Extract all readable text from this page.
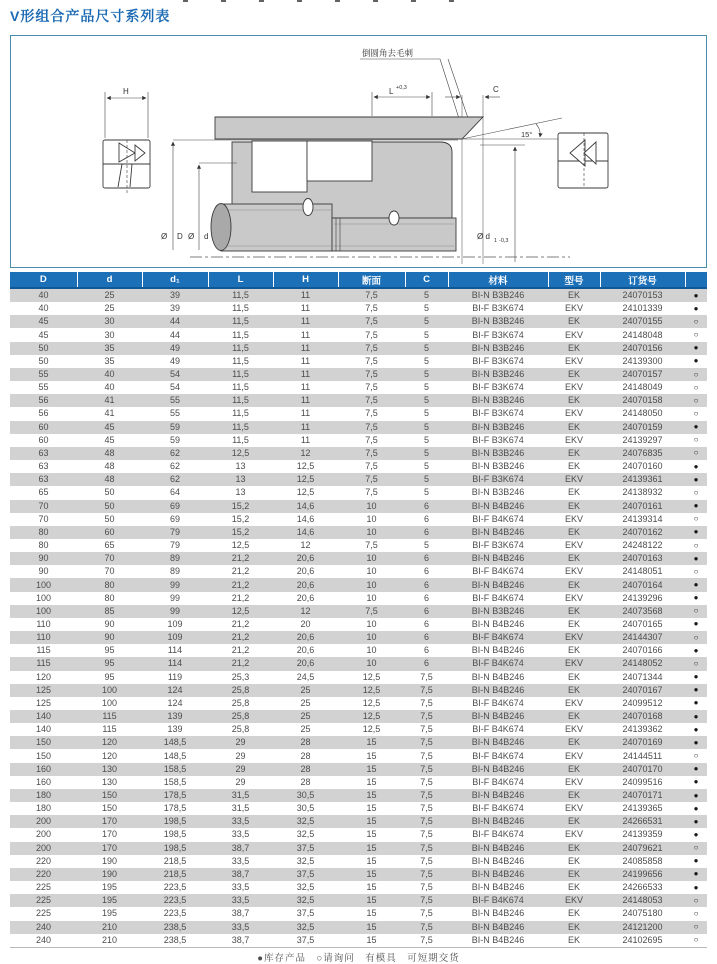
V形组合产品尺寸系列表
H
倒圆角去毛刺
L +0,3	C
15°
Ø D Ø d	Ø d 1 -0,3
D	d	d₁	L	H	断面	C	材料	型号	订货号	
40	25	39	11,5	11	7,5	5	BI-N B3B246	EK	24070153	●
40	25	39	11,5	11	7,5	5	BI-F B3K674	EKV	24101339	●
45	30	44	11,5	11	7,5	5	BI-N B3B246	EK	24070155	○
45	30	44	11,5	11	7,5	5	BI-F B3K674	EKV	24148048	○
50	35	49	11,5	11	7,5	5	BI-N B3B246	EK	24070156	●
50	35	49	11,5	11	7,5	5	BI-F B3K674	EKV	24139300	●
55	40	54	11,5	11	7,5	5	BI-N B3B246	EK	24070157	○
55	40	54	11,5	11	7,5	5	BI-F B3K674	EKV	24148049	○
56	41	55	11,5	11	7,5	5	BI-N B3B246	EK	24070158	○
56	41	55	11,5	11	7,5	5	BI-F B3K674	EKV	24148050	○
60	45	59	11,5	11	7,5	5	BI-N B3B246	EK	24070159	●
60	45	59	11,5	11	7,5	5	BI-F B3K674	EKV	24139297	○
63	48	62	12,5	12	7,5	5	BI-N B3B246	EK	24076835	○
63	48	62	13	12,5	7,5	5	BI-N B3B246	EK	24070160	●
63	48	62	13	12,5	7,5	5	BI-F B3K674	EKV	24139361	●
65	50	64	13	12,5	7,5	5	BI-N B3B246	EK	24138932	○
70	50	69	15,2	14,6	10	6	BI-N B4B246	EK	24070161	●
70	50	69	15,2	14,6	10	6	BI-F B4K674	EKV	24139314	○
80	60	79	15,2	14,6	10	6	BI-N B4B246	EK	24070162	●
80	65	79	12,5	12	7,5	5	BI-F B3K674	EKV	24248122	○
90	70	89	21,2	20,6	10	6	BI-N B4B246	EK	24070163	●
90	70	89	21,2	20,6	10	6	BI-F B4K674	EKV	24148051	○
100	80	99	21,2	20,6	10	6	BI-N B4B246	EK	24070164	●
100	80	99	21,2	20,6	10	6	BI-F B4K674	EKV	24139296	●
100	85	99	12,5	12	7,5	6	BI-N B3B246	EK	24073568	○
110	90	109	21,2	20	10	6	BI-N B4B246	EK	24070165	●
110	90	109	21,2	20,6	10	6	BI-F B4K674	EKV	24144307	○
115	95	114	21,2	20,6	10	6	BI-N B4B246	EK	24070166	●
115	95	114	21,2	20,6	10	6	BI-F B4K674	EKV	24148052	○
120	95	119	25,3	24,5	12,5	7,5	BI-N B4B246	EK	24071344	●
125	100	124	25,8	25	12,5	7,5	BI-N B4B246	EK	24070167	●
125	100	124	25,8	25	12,5	7,5	BI-F B4K674	EKV	24099512	●
140	115	139	25,8	25	12,5	7,5	BI-N B4B246	EK	24070168	●
140	115	139	25,8	25	12,5	7,5	BI-F B4K674	EKV	24139362	●
150	120	148,5	29	28	15	7,5	BI-N B4B246	EK	24070169	●
150	120	148,5	29	28	15	7,5	BI-F B4K674	EKV	24144511	○
160	130	158,5	29	28	15	7,5	BI-N B4B246	EK	24070170	●
160	130	158,5	29	28	15	7,5	BI-F B4K674	EKV	24099516	●
180	150	178,5	31,5	30,5	15	7,5	BI-N B4B246	EK	24070171	●
180	150	178,5	31,5	30,5	15	7,5	BI-F B4K674	EKV	24139365	●
200	170	198,5	33,5	32,5	15	7,5	BI-N B4B246	EK	24266531	●
200	170	198,5	33,5	32,5	15	7,5	BI-F B4K674	EKV	24139359	●
200	170	198,5	38,7	37,5	15	7,5	BI-N B4B246	EK	24079621	○
220	190	218,5	33,5	32,5	15	7,5	BI-N B4B246	EK	24085858	●
220	190	218,5	38,7	37,5	15	7,5	BI-N B4B246	EK	24199656	●
225	195	223,5	33,5	32,5	15	7,5	BI-N B4B246	EK	24266533	●
225	195	223,5	33,5	32,5	15	7,5	BI-F B4K674	EKV	24148053	○
225	195	223,5	38,7	37,5	15	7,5	BI-N B4B246	EK	24075180	○
240	210	238,5	33,5	32,5	15	7,5	BI-N B4B246	EK	24121200	○
240	210	238,5	38,7	37,5	15	7,5	BI-N B4B246	EK	24102695	○
●库存产品　○请询问　有模具　可短期交货
